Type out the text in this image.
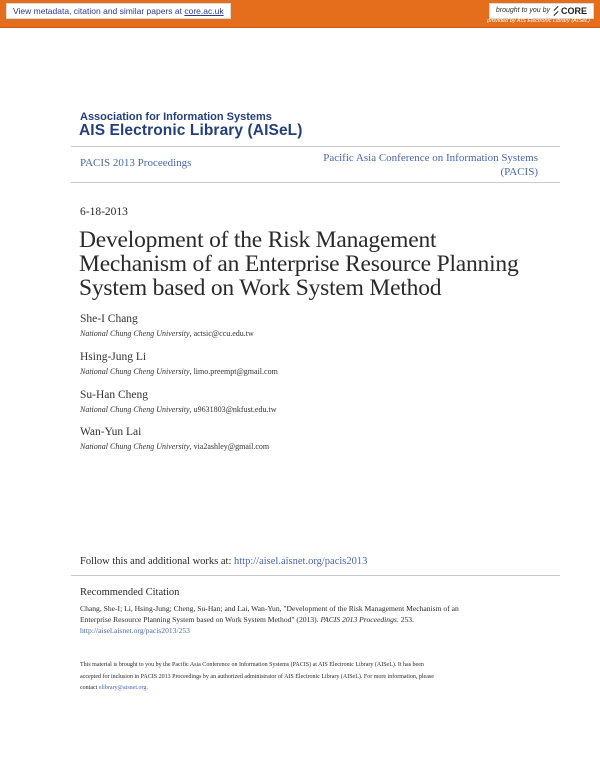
View metadata, citation and similar papers at core.ac.uk	brought to you by CORE
provided by AIS Electronic Library (AISeL)
Association for Information Systems
AIS Electronic Library (AISeL)
PACIS 2013 Proceedings	Pacific Asia Conference on Information Systems
(PACIS)
6-18-2013
Development of the Risk Management
Mechanism of an Enterprise Resource Planning
System based on Work System Method
She-I Chang
National Chung Cheng University, actsic@ccu.edu.tw
Hsing-Jung Li
National Chung Cheng University, limo.preempt@gmail.com
Su-Han Cheng
National Chung Cheng University, u9631803@nkfust.edu.tw
Wan-Yun Lai
National Chung Cheng University, via2ashley@gmail.com
Follow this and additional works at: http://aisel.aisnet.org/pacis2013
Recommended Citation
Chang, She-I; Li, Hsing-Jung; Cheng, Su-Han; and Lai, Wan-Yun, "Development of the Risk Management Mechanism of an
Enterprise Resource Planning System based on Work System Method" (2013). PACIS 2013 Proceedings. 253.
http://aisel.aisnet.org/pacis2013/253
This material is brought to you by the Pacific Asia Conference on Information Systems (PACIS) at AIS Electronic Library (AISeL). It has been
accepted for inclusion in PACIS 2013 Proceedings by an authorized administrator of AIS Electronic Library (AISeL). For more information, please
contact elibrary@aisnet.org.
